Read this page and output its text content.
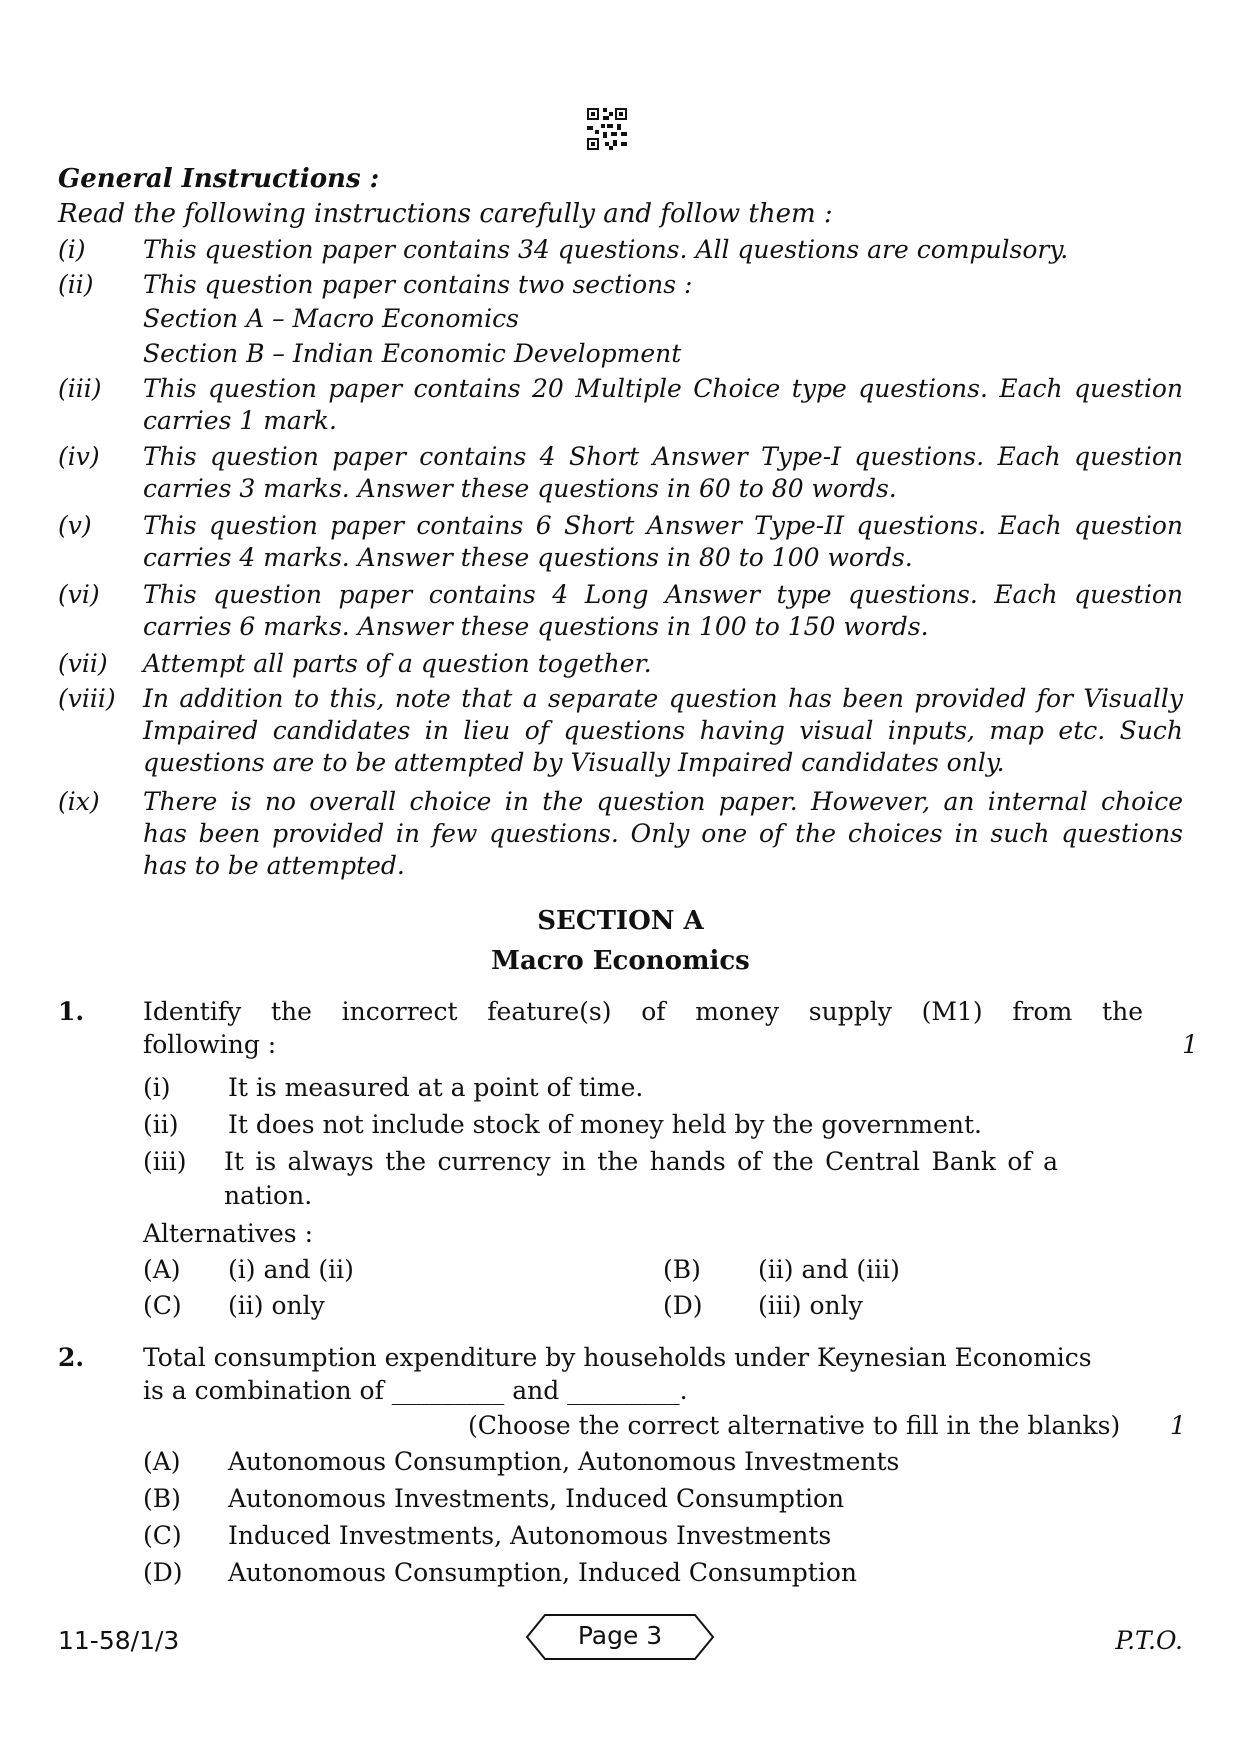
General Instructions :
Read the following instructions carefully and follow them :
(i) This question paper contains 34 questions. All questions are compulsory.
(ii) This question paper contains two sections :
Section A – Macro Economics
Section B – Indian Economic Development
(iii) This question paper contains 20 Multiple Choice type questions. Each question
carries 1 mark.
(iv) This question paper contains 4 Short Answer Type-I questions. Each question
carries 3 marks. Answer these questions in 60 to 80 words.
(v) This question paper contains 6 Short Answer Type-II questions. Each question
carries 4 marks. Answer these questions in 80 to 100 words.
(vi) This question paper contains 4 Long Answer type questions. Each question
carries 6 marks. Answer these questions in 100 to 150 words.
(vii) Attempt all parts of a question together.
(viii) In addition to this, note that a separate question has been provided for Visually
Impaired candidates in lieu of questions having visual inputs, map etc. Such
questions are to be attempted by Visually Impaired candidates only.
(ix) There is no overall choice in the question paper. However, an internal choice
has been provided in few questions. Only one of the choices in such questions
has to be attempted.
SECTION A
Macro Economics
1. Identify the incorrect feature(s) of money supply (M1) from the
following :	1
(i) It is measured at a point of time.
(ii) It does not include stock of money held by the government.
(iii) It is always the currency in the hands of the Central Bank of a
nation.
Alternatives :
(A) (i) and (ii)	(B) (ii) and (iii)
(C) (ii) only	(D) (iii) only
2. Total consumption expenditure by households under Keynesian Economics
is a combination of _________ and _________.
(Choose the correct alternative to fill in the blanks) 1
(A) Autonomous Consumption, Autonomous Investments
(B) Autonomous Investments, Induced Consumption
(C) Induced Investments, Autonomous Investments
(D) Autonomous Consumption, Induced Consumption
11-58/1/3	Page 3	P.T.O.
